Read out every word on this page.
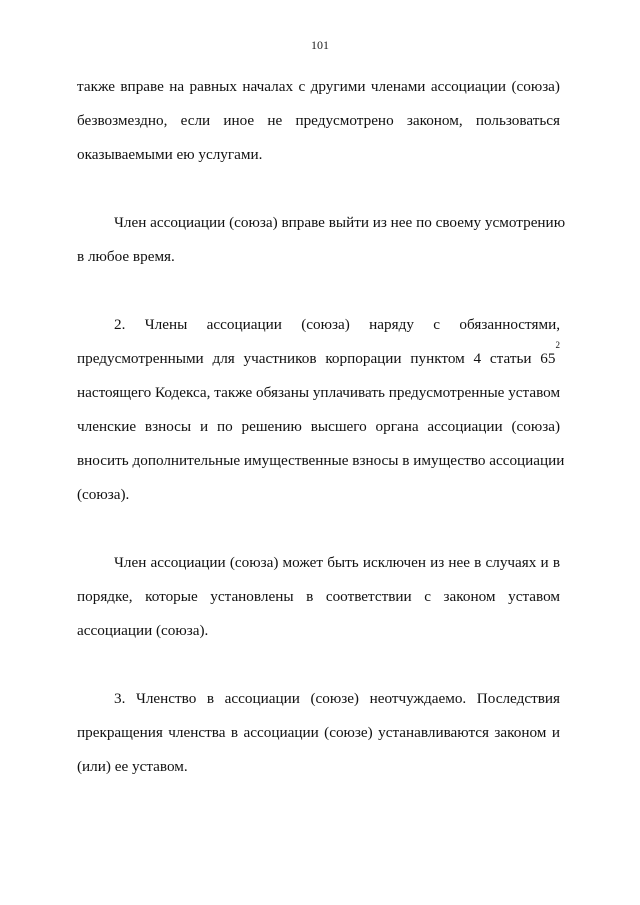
101
также вправе на равных началах с другими членами ассоциации (союза)
безвозмездно, если иное не предусмотрено законом, пользоваться
оказываемыми ею услугами.
Член ассоциации (союза) вправе выйти из нее по своему усмотрению
в любое время.
2. Члены ассоциации (союза) наряду с обязанностями,
предусмотренными для участников корпорации пунктом 4 статьи $65^2$
настоящего Кодекса, также обязаны уплачивать предусмотренные уставом
членские взносы и по решению высшего органа ассоциации (союза)
вносить дополнительные имущественные взносы в имущество ассоциации
(союза).
Член ассоциации (союза) может быть исключен из нее в случаях и в
порядке, которые установлены в соответствии с законом уставом
ассоциации (союза).
3. Членство в ассоциации (союзе) неотчуждаемо. Последствия
прекращения членства в ассоциации (союзе) устанавливаются законом и
(или) ее уставом.
